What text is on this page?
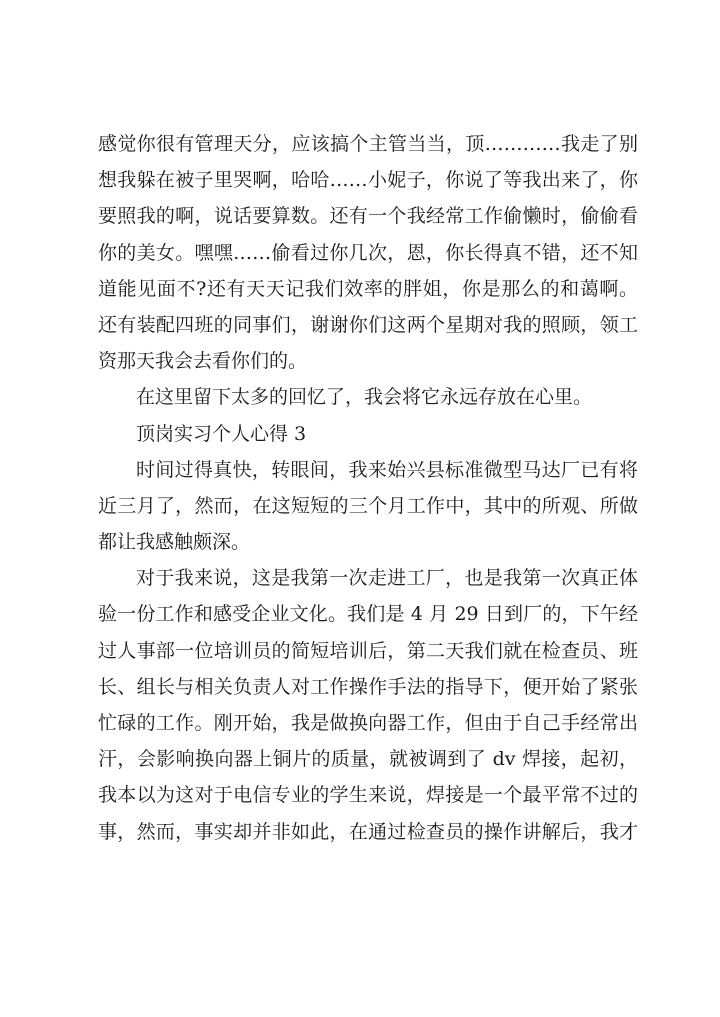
感觉你很有管理天分，应该搞个主管当当，顶…………我走了别
想我躲在被子里哭啊，哈哈……小妮子，你说了等我出来了，你
要照我的啊，说话要算数。还有一个我经常工作偷懒时，偷偷看
你的美女。嘿嘿……偷看过你几次，恩，你长得真不错，还不知
道能见面不?还有天天记我们效率的胖姐，你是那么的和蔼啊。
还有装配四班的同事们，谢谢你们这两个星期对我的照顾，领工
资那天我会去看你们的。
在这里留下太多的回忆了，我会将它永远存放在心里。
顶岗实习个人心得 3
时间过得真快，转眼间，我来始兴县标准微型马达厂已有将
近三月了，然而，在这短短的三个月工作中，其中的所观、所做
都让我感触颇深。
对于我来说，这是我第一次走进工厂，也是我第一次真正体
验一份工作和感受企业文化。我们是 4 月 29 日到厂的，下午经
过人事部一位培训员的简短培训后，第二天我们就在检查员、班
长、组长与相关负责人对工作操作手法的指导下，便开始了紧张
忙碌的工作。刚开始，我是做换向器工作，但由于自己手经常出
汗，会影响换向器上铜片的质量，就被调到了 dv 焊接，起初，
我本以为这对于电信专业的学生来说，焊接是一个最平常不过的
事，然而，事实却并非如此，在通过检查员的操作讲解后，我才
